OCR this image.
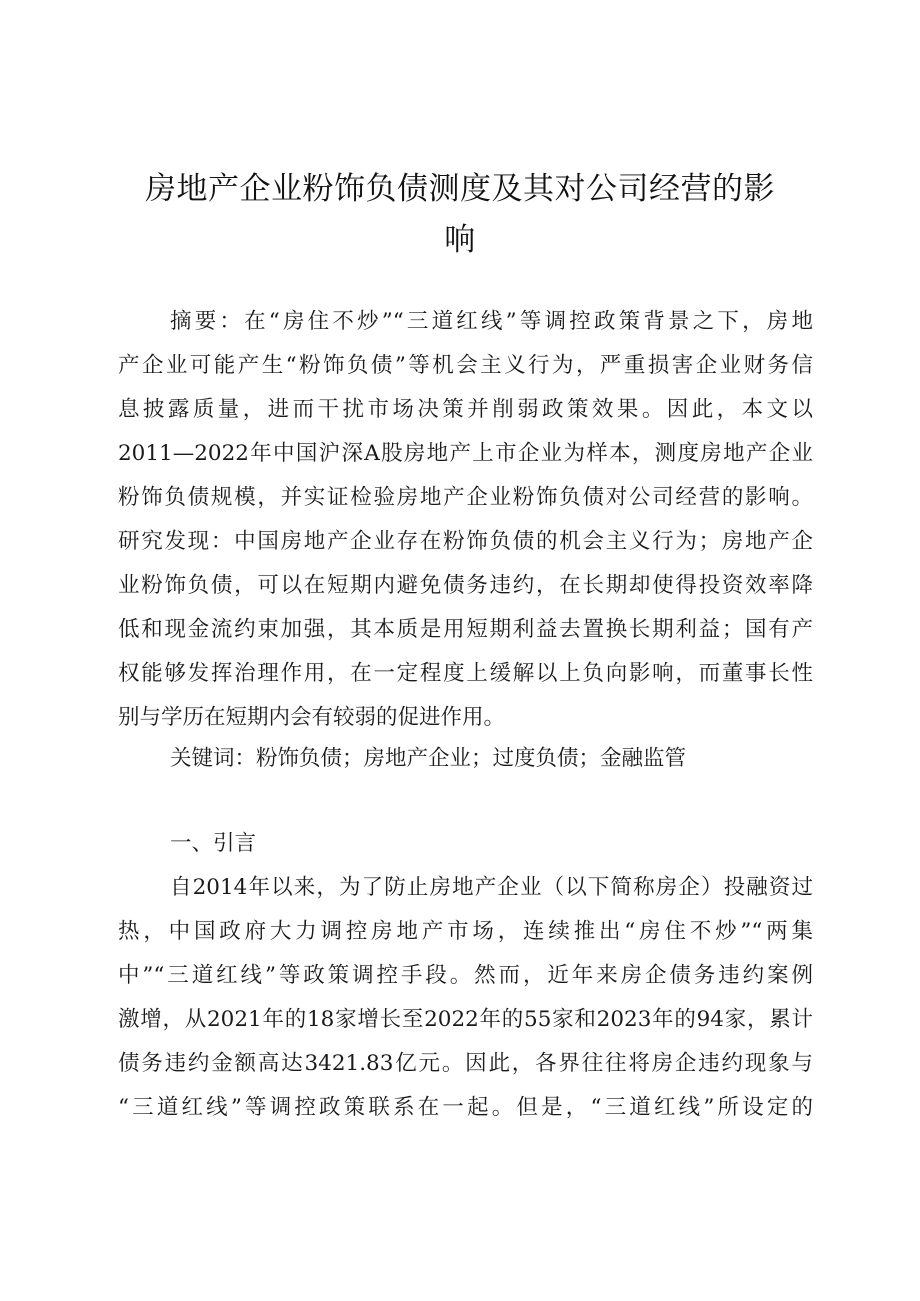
房地产企业粉饰负债测度及其对公司经营的影
响
摘要：在“房住不炒”“三道红线”等调控政策背景之下，房地
产企业可能产生“粉饰负债”等机会主义行为，严重损害企业财务信
息披露质量，进而干扰市场决策并削弱政策效果。因此，本文以
2011—2022年中国沪深A股房地产上市企业为样本，测度房地产企业
粉饰负债规模，并实证检验房地产企业粉饰负债对公司经营的影响。
研究发现：中国房地产企业存在粉饰负债的机会主义行为；房地产企
业粉饰负债，可以在短期内避免债务违约，在长期却使得投资效率降
低和现金流约束加强，其本质是用短期利益去置换长期利益；国有产
权能够发挥治理作用，在一定程度上缓解以上负向影响，而董事长性
别与学历在短期内会有较弱的促进作用。
关键词：粉饰负债；房地产企业；过度负债；金融监管
一、引言
自2014年以来，为了防止房地产企业（以下简称房企）投融资过
热，中国政府大力调控房地产市场，连续推出“房住不炒”“两集
中”“三道红线”等政策调控手段。然而，近年来房企债务违约案例
激增，从2021年的18家增长至2022年的55家和2023年的94家，累计
债务违约金额高达3421.83亿元。因此，各界往往将房企违约现象与
“三道红线”等调控政策联系在一起。但是，“三道红线”所设定的
